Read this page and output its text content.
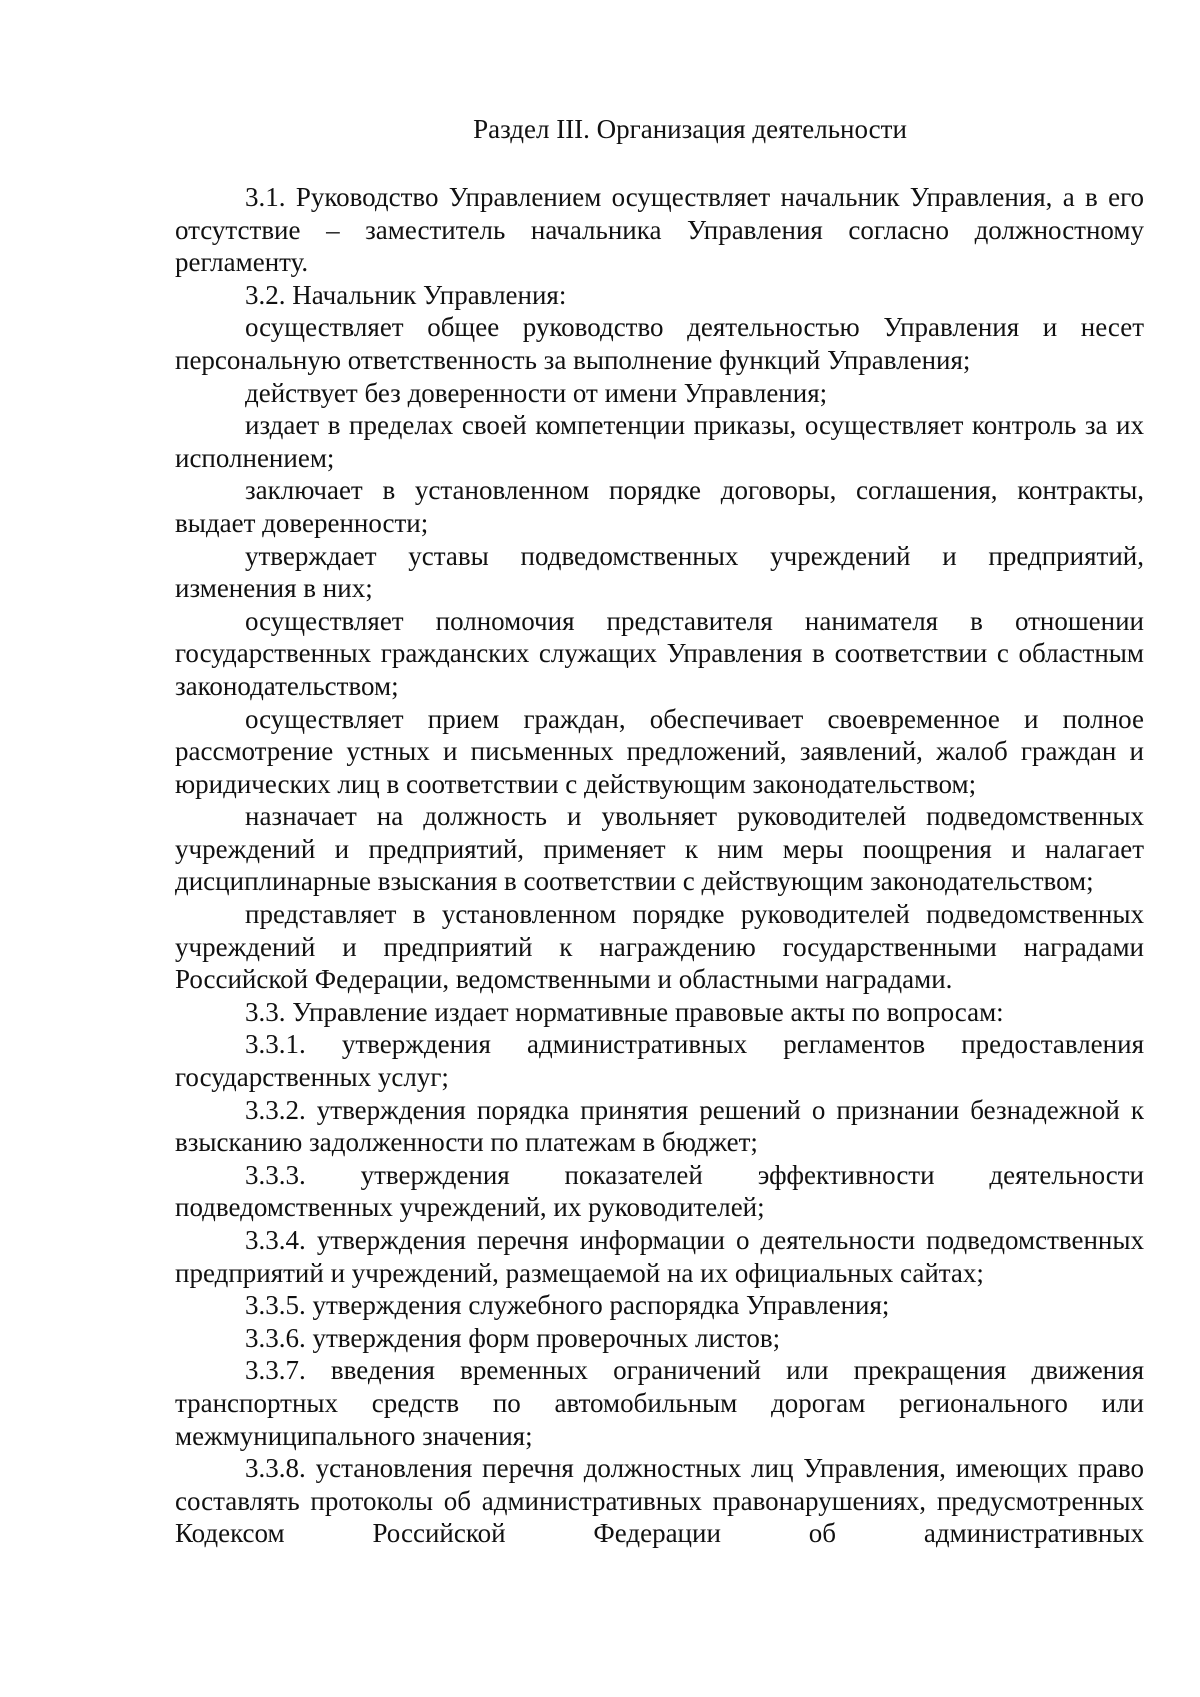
Раздел III. Организация деятельности

3.1. Руководство Управлением осуществляет начальник Управления, а в его отсутствие – заместитель начальника Управления согласно должностному регламенту.

3.2. Начальник Управления:

осуществляет общее руководство деятельностью Управления и несет персональную ответственность за выполнение функций Управления;

действует без доверенности от имени Управления;

издает в пределах своей компетенции приказы, осуществляет контроль за их исполнением;

заключает в установленном порядке договоры, соглашения, контракты, выдает доверенности;

утверждает уставы подведомственных учреждений и предприятий, изменения в них;

осуществляет полномочия представителя нанимателя в отношении государственных гражданских служащих Управления в соответствии с областным законодательством;

осуществляет прием граждан, обеспечивает своевременное и полное рассмотрение устных и письменных предложений, заявлений, жалоб граждан и юридических лиц в соответствии с действующим законодательством;

назначает на должность и увольняет руководителей подведомственных учреждений и предприятий, применяет к ним меры поощрения и налагает дисциплинарные взыскания в соответствии с действующим законодательством;

представляет в установленном порядке руководителей подведомственных учреждений и предприятий к награждению государственными наградами Российской Федерации, ведомственными и областными наградами.

3.3. Управление издает нормативные правовые акты по вопросам:

3.3.1. утверждения административных регламентов предоставления государственных услуг;

3.3.2. утверждения порядка принятия решений о признании безнадежной к взысканию задолженности по платежам в бюджет;

3.3.3. утверждения показателей эффективности деятельности подведомственных учреждений, их руководителей;

3.3.4. утверждения перечня информации о деятельности подведомственных предприятий и учреждений, размещаемой на их официальных сайтах;

3.3.5. утверждения служебного распорядка Управления;

3.3.6. утверждения форм проверочных листов;

3.3.7. введения временных ограничений или прекращения движения транспортных средств по автомобильным дорогам регионального или межмуниципального значения;

3.3.8. установления перечня должностных лиц Управления, имеющих право составлять протоколы об административных правонарушениях, предусмотренных Кодексом Российской Федерации об административных
